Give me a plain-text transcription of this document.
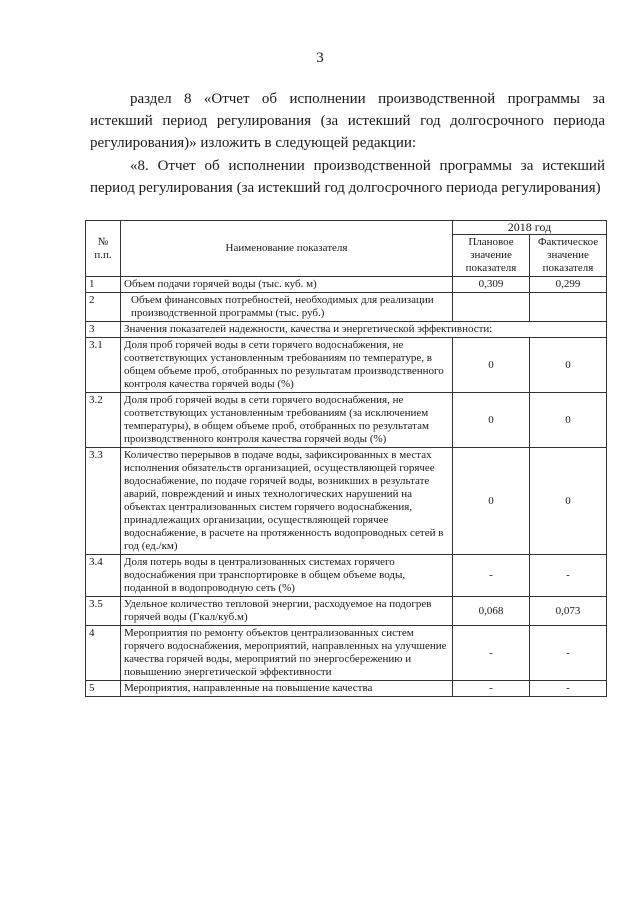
3
раздел 8 «Отчет об исполнении производственной программы за истекший период регулирования (за истекший год долгосрочного периода регулирования)» изложить в следующей редакции:
«8. Отчет об исполнении производственной программы за истекший период регулирования (за истекший год долгосрочного периода регулирования)
№ п.п.	Наименование показателя	2018 год	
		Плановое значение показателя	Фактическое значение показателя
1	Объем подачи горячей воды (тыс. куб. м)	0,309	0,299
2	Объем финансовых потребностей, необходимых для реализации производственной программы (тыс. руб.)		
3	Значения показателей надежности, качества и энергетической эффективности:		
3.1	Доля проб горячей воды в сети горячего водоснабжения, не соответствующих установленным требованиям по температуре, в общем объеме проб, отобранных по результатам производственного контроля качества горячей воды (%)	0	0
3.2	Доля проб горячей воды в сети горячего водоснабжения, не соответствующих установленным требованиям (за исключением температуры), в общем объеме проб, отобранных по результатам производственного контроля качества горячей воды (%)	0	0
3.3	Количество перерывов в подаче воды, зафиксированных в местах исполнения обязательств организацией, осуществляющей горячее водоснабжение, по подаче горячей воды, возникших в результате аварий, повреждений и иных технологических нарушений на объектах централизованных систем горячего водоснабжения, принадлежащих организации, осуществляющей горячее водоснабжение, в расчете на протяженность водопроводных сетей в год (ед./км)	0	0
3.4	Доля потерь воды в централизованных системах горячего водоснабжения при транспортировке в общем объеме воды, поданной в водопроводную сеть (%)	-	-
3.5	Удельное количество тепловой энергии, расходуемое на подогрев горячей воды (Гкал/куб.м)	0,068	0,073
4	Мероприятия по ремонту объектов централизованных систем горячего водоснабжения, мероприятий, направленных на улучшение качества горячей воды, мероприятий по энергосбережению и повышению энергетической эффективности	-	-
5	Мероприятия, направленные на повышение качества	-	-
